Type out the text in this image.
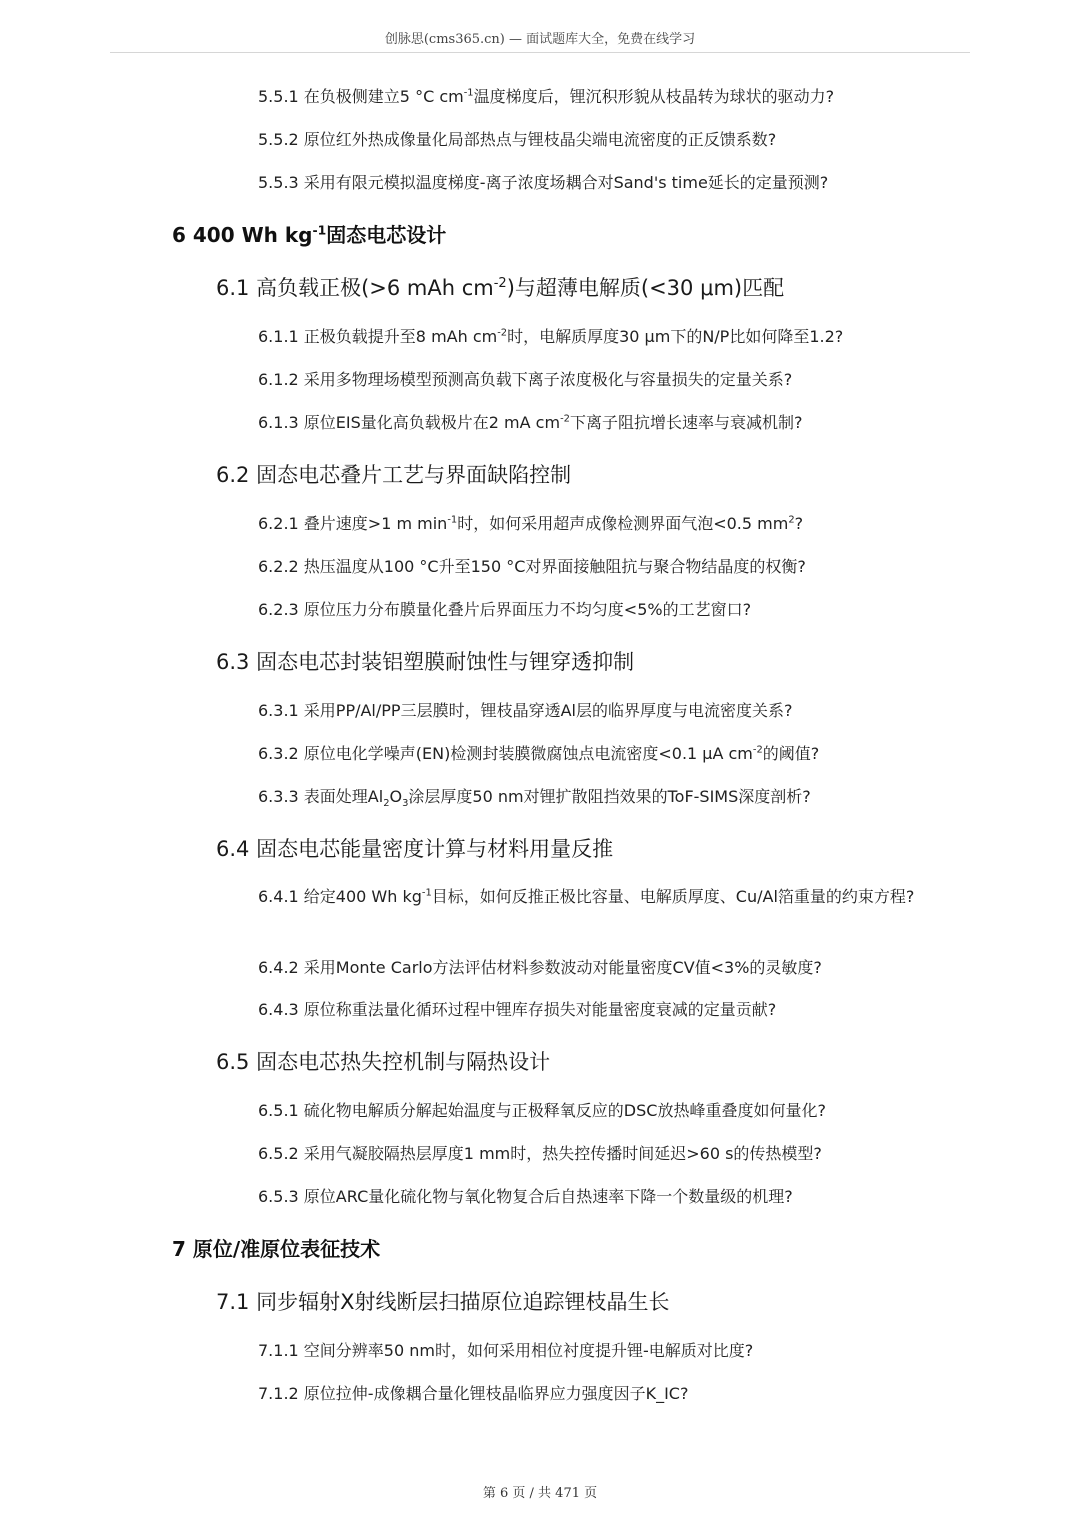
创脉思(cms365.cn) — 面试题库大全，免费在线学习
5.5.1 在负极侧建立5 °C $cm^{-1}$温度梯度后，锂沉积形貌从枝晶转为球状的驱动力?
5.5.2 原位红外热成像量化局部热点与锂枝晶尖端电流密度的正反馈系数?
5.5.3 采用有限元模拟温度梯度-离子浓度场耦合对Sand's time延长的定量预测?
6 400 Wh $kg^{-1}$固态电芯设计
6.1 高负载正极(>6 mAh $cm^{-2}$)与超薄电解质(<30 μm)匹配
6.1.1 正极负载提升至8 mAh $cm^{-2}$时，电解质厚度30 μm下的N/P比如何降至1.2?
6.1.2 采用多物理场模型预测高负载下离子浓度极化与容量损失的定量关系?
6.1.3 原位EIS量化高负载极片在2 mA $cm^{-2}$下离子阻抗增长速率与衰减机制?
6.2 固态电芯叠片工艺与界面缺陷控制
6.2.1 叠片速度>1 m $\min^{-1}$时，如何采用超声成像检测界面气泡<0.5 $mm^2$?
6.2.2 热压温度从100 °C升至150 °C对界面接触阻抗与聚合物结晶度的权衡?
6.2.3 原位压力分布膜量化叠片后界面压力不均匀度<5%的工艺窗口?
6.3 固态电芯封装铝塑膜耐蚀性与锂穿透抑制
6.3.1 采用PP/Al/PP三层膜时，锂枝晶穿透Al层的临界厚度与电流密度关系?
6.3.2 原位电化学噪声(EN)检测封装膜微腐蚀点电流密度<0.1 μA $cm^{-2}$的阈值?
6.3.3 表面处理$Al_2O_3$涂层厚度50 nm对锂扩散阻挡效果的ToF-SIMS深度剖析?
6.4 固态电芯能量密度计算与材料用量反推
6.4.1 给定400 Wh $kg^{-1}$目标，如何反推正极比容量、电解质厚度、Cu/Al箔重量的约束方程?
6.4.2 采用Monte Carlo方法评估材料参数波动对能量密度CV值<3%的灵敏度?
6.4.3 原位称重法量化循环过程中锂库存损失对能量密度衰减的定量贡献?
6.5 固态电芯热失控机制与隔热设计
6.5.1 硫化物电解质分解起始温度与正极释氧反应的DSC放热峰重叠度如何量化?
6.5.2 采用气凝胶隔热层厚度1 mm时，热失控传播时间延迟>60 s的传热模型?
6.5.3 原位ARC量化硫化物与氧化物复合后自热速率下降一个数量级的机理?
7 原位/准原位表征技术
7.1 同步辐射X射线断层扫描原位追踪锂枝晶生长
7.1.1 空间分辨率50 nm时，如何采用相位衬度提升锂-电解质对比度?
7.1.2 原位拉伸-成像耦合量化锂枝晶临界应力强度因子K_IC?
第 6 页 / 共 471 页
